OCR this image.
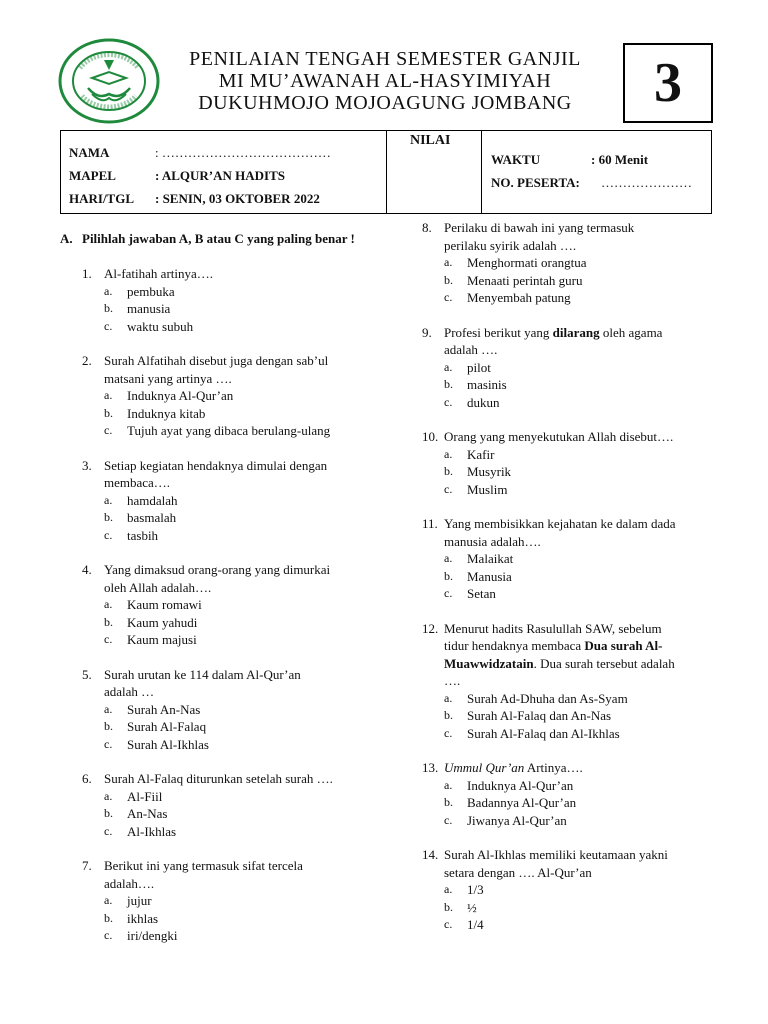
PENILAIAN TENGAH SEMESTER GANJIL
MI MU’AWANAH AL-HASYIMIYAH
DUKUHMOJO MOJOAGUNG JOMBANG	3
NAMA	: …………………………………
MAPEL	: ALQUR’AN HADITS
HARI/TGL : SENIN, 03 OKTOBER 2022
NILAI
WAKTU	: 60 Menit
NO. PESERTA: …………………
A. Pilihlah jawaban A, B atau C yang paling benar !
1. Al-fatihah artinya….
a. pembuka
b. manusia
c. waktu subuh
2. Surah Alfatihah disebut juga dengan sab’ul
matsani yang artinya ….
a. Induknya Al-Qur’an
b. Induknya kitab
c. Tujuh ayat yang dibaca berulang-ulang
3. Setiap kegiatan hendaknya dimulai dengan
membaca….
a. hamdalah
b. basmalah
c. tasbih
4. Yang dimaksud orang-orang yang dimurkai
oleh Allah adalah….
a. Kaum romawi
b. Kaum yahudi
c. Kaum majusi
5. Surah urutan ke 114 dalam Al-Qur’an
adalah …
a. Surah An-Nas
b. Surah Al-Falaq
c. Surah Al-Ikhlas
6. Surah Al-Falaq diturunkan setelah surah ….
a. Al-Fiil
b. An-Nas
c. Al-Ikhlas
7. Berikut ini yang termasuk sifat tercela
adalah….
a. jujur
b. ikhlas
c. iri/dengki
8. Perilaku di bawah ini yang termasuk
perilaku syirik adalah ….
a. Menghormati orangtua
b. Menaati perintah guru
c. Menyembah patung
9. Profesi berikut yang dilarang oleh agama
adalah ….
a. pilot
b. masinis
c. dukun
10. Orang yang menyekutukan Allah disebut….
a. Kafir
b. Musyrik
c. Muslim
11. Yang membisikkan kejahatan ke dalam dada
manusia adalah….
a. Malaikat
b. Manusia
c. Setan
12. Menurut hadits Rasulullah SAW, sebelum
tidur hendaknya membaca Dua surah Al-
Muawwidzatain. Dua surah tersebut adalah
….
a. Surah Ad-Dhuha dan As-Syam
b. Surah Al-Falaq dan An-Nas
c. Surah Al-Falaq dan Al-Ikhlas
13. Ummul Qur’an Artinya….
a. Induknya Al-Qur’an
b. Badannya Al-Qur’an
c. Jiwanya Al-Qur’an
14. Surah Al-Ikhlas memiliki keutamaan yakni
setara dengan …. Al-Qur’an
a. 1/3
b. ½
c. 1/4
